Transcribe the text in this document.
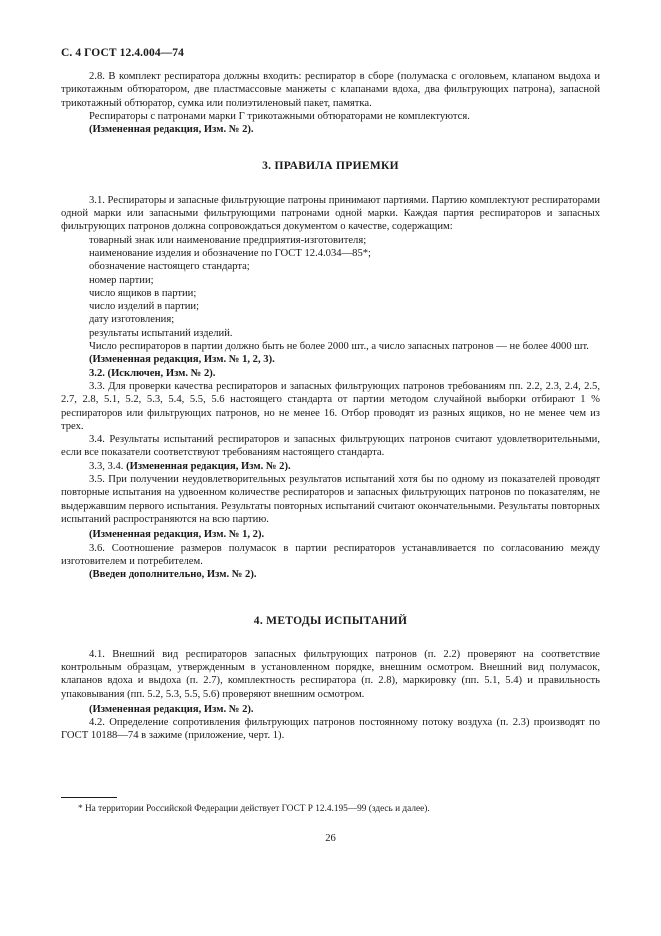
С. 4 ГОСТ 12.4.004—74

2.8. В комплект респиратора должны входить: респиратор в сборе (полумаска с оголовьем, клапаном выдоха и трикотажным обтюратором, две пластмассовые манжеты с клапанами вдоха, два фильтрующих патрона), запасной трикотажный обтюратор, сумка или полиэтиленовый пакет, памятка.

Респираторы с патронами марки Г трикотажными обтюраторами не комплектуются.

(Измененная редакция, Изм. № 2).

3. ПРАВИЛА ПРИЕМКИ

3.1. Респираторы и запасные фильтрующие патроны принимают партиями. Партию комплектуют респираторами одной марки или запасными фильтрующими патронами одной марки. Каждая партия респираторов и запасных фильтрующих патронов должна сопровождаться документом о качестве, содержащим:

товарный знак или наименование предприятия-изготовителя;
наименование изделия и обозначение по ГОСТ 12.4.034—85*;
обозначение настоящего стандарта;
номер партии;
число ящиков в партии;
число изделий в партии;
дату изготовления;
результаты испытаний изделий.

Число респираторов в партии должно быть не более 2000 шт., а число запасных патронов — не более 4000 шт.

(Измененная редакция, Изм. № 1, 2, 3).

3.2. (Исключен, Изм. № 2).

3.3. Для проверки качества респираторов и запасных фильтрующих патронов требованиям пп. 2.2, 2.3, 2.4, 2.5, 2.7, 2.8, 5.1, 5.2, 5.3, 5.4, 5.5, 5.6 настоящего стандарта от партии методом случайной выборки отбирают 1 % респираторов или фильтрующих патронов, но не менее 16. Отбор проводят из разных ящиков, но не менее чем из трех.

3.4. Результаты испытаний респираторов и запасных фильтрующих патронов считают удовлетворительными, если все показатели соответствуют требованиям настоящего стандарта.

3.3, 3.4. (Измененная редакция, Изм. № 2).

3.5. При получении неудовлетворительных результатов испытаний хотя бы по одному из показателей проводят повторные испытания на удвоенном количестве респираторов и запасных фильтрующих патронов по показателям, не выдержавшим первого испытания. Результаты повторных испытаний считают окончательными. Результаты повторных испытаний распространяются на всю партию.

(Измененная редакция, Изм. № 1, 2).

3.6. Соотношение размеров полумасок в партии респираторов устанавливается по согласованию между изготовителем и потребителем.

(Введен дополнительно, Изм. № 2).

4. МЕТОДЫ ИСПЫТАНИЙ

4.1. Внешний вид респираторов запасных фильтрующих патронов (п. 2.2) проверяют на соответствие контрольным образцам, утвержденным в установленном порядке, внешним осмотром. Внешний вид полумасок, клапанов вдоха и выдоха (п. 2.7), комплектность респиратора (п. 2.8), маркировку (пп. 5.1, 5.4) и правильность упаковывания (пп. 5.2, 5.3, 5.5, 5.6) проверяют внешним осмотром.

(Измененная редакция, Изм. № 2).

4.2. Определение сопротивления фильтрующих патронов постоянному потоку воздуха (п. 2.3) производят по ГОСТ 10188—74 в зажиме (приложение, черт. 1).

* На территории Российской Федерации действует ГОСТ Р 12.4.195—99 (здесь и далее).
26
